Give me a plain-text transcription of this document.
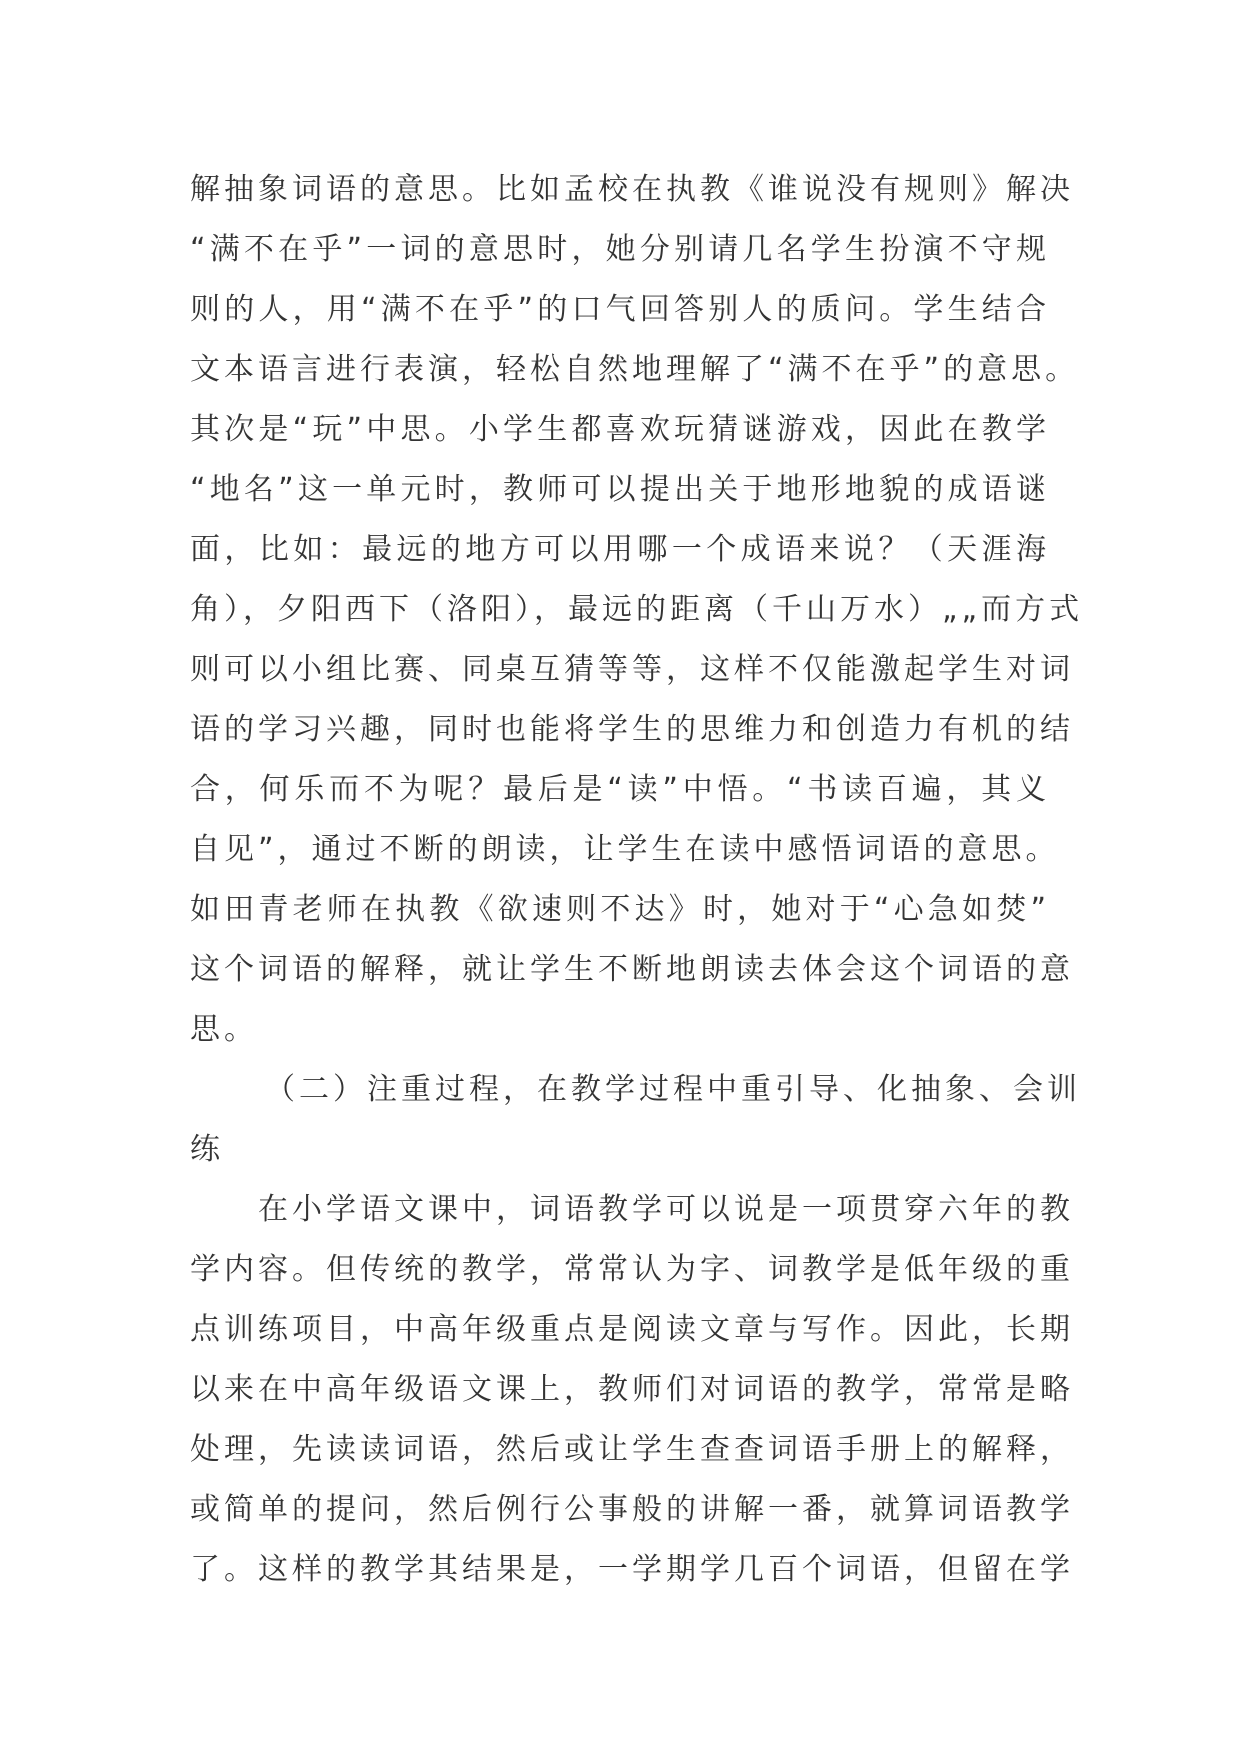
解抽象词语的意思。比如孟校在执教《谁说没有规则》解决
“满不在乎”一词的意思时，她分别请几名学生扮演不守规
则的人，用“满不在乎”的口气回答别人的质问。学生结合
文本语言进行表演，轻松自然地理解了“满不在乎”的意思。
其次是“玩”中思。小学生都喜欢玩猜谜游戏，因此在教学
“地名”这一单元时，教师可以提出关于地形地貌的成语谜
面，比如：最远的地方可以用哪一个成语来说？（天涯海
角），夕阳西下（洛阳），最远的距离（千山万水）„„而方式
则可以小组比赛、同桌互猜等等，这样不仅能激起学生对词
语的学习兴趣，同时也能将学生的思维力和创造力有机的结
合，何乐而不为呢？最后是“读”中悟。“书读百遍，其义
自见”，通过不断的朗读，让学生在读中感悟词语的意思。
如田青老师在执教《欲速则不达》时，她对于“心急如焚”
这个词语的解释，就让学生不断地朗读去体会这个词语的意
思。
（二）注重过程，在教学过程中重引导、化抽象、会训
练
在小学语文课中，词语教学可以说是一项贯穿六年的教
学内容。但传统的教学，常常认为字、词教学是低年级的重
点训练项目，中高年级重点是阅读文章与写作。因此，长期
以来在中高年级语文课上，教师们对词语的教学，常常是略
处理，先读读词语，然后或让学生查查词语手册上的解释，
或简单的提问，然后例行公事般的讲解一番，就算词语教学
了。这样的教学其结果是，一学期学几百个词语，但留在学
